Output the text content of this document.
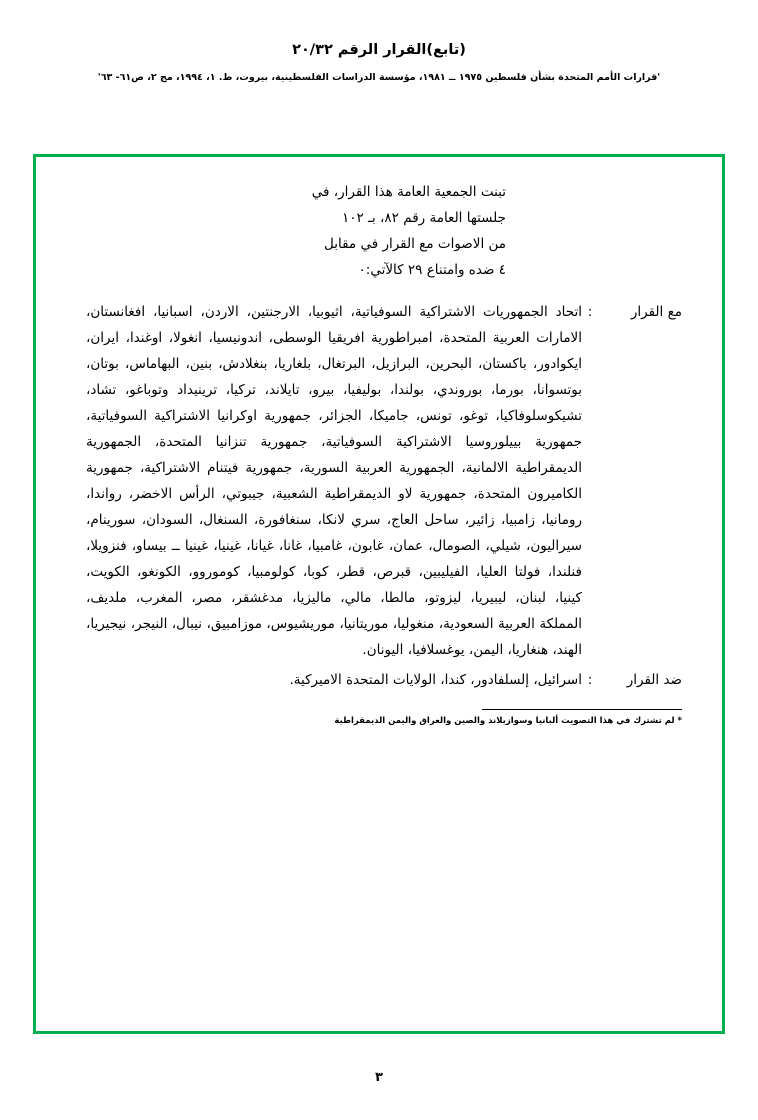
(تابع)القرار الرقم ٢٠/٣٢
'قرارات الأمم المتحدة بشأن فلسطين ١٩٧٥ ــ ١٩٨١، مؤسسة الدراسات الفلسطينية، بيروت، ط. ١، ١٩٩٤، مج ٢، ص٦١- ٦٣'
تبنت الجمعية العامة هذا القرار، في
جلستها العامة رقم ٨٢، بـ ١٠٢
من الاصوات مع القرار في مقابل
٤ ضده وامتناع ٢٩ كالآتي:٠
مع القرار
:
اتحاد الجمهوريات الاشتراكية السوفياتية، اثيوبيا، الارجنتين، الاردن، اسبانيا، افغانستان، الامارات العربية المتحدة، امبراطورية افريقيا الوسطى، اندونيسيا، انغولا، اوغندا، ايران، ايكوادور، باكستان، البحرين، البرازيل، البرتغال، بلغاريا، بنغلادش، بنين، البهاماس، بوتان، بوتسوانا، بورما، بوروندي، بولندا، بوليفيا، بيرو، تايلاند، تركيا، ترينيداد وتوباغو، تشاد، تشيكوسلوفاكيا، توغو، تونس، جاميكا، الجزائر، جمهورية اوكرانيا الاشتراكية السوفياتية، جمهورية بييلوروسيا الاشتراكية السوفياتية، جمهورية تنزانيا المتحدة، الجمهورية الديمقراطية الالمانية، الجمهورية العربية السورية، جمهورية فيتنام الاشتراكية، جمهورية الكاميرون المتحدة، جمهورية لاو الديمقراطية الشعبية، جيبوتي، الرأس الاخضر، رواندا، رومانيا، زامبيا، زائير، ساحل العاج، سري لانكا، سنغافورة، السنغال، السودان، سورينام، سيراليون، شيلي، الصومال، عمان، غابون، غامبيا، غانا، غيانا، غينيا، غينيا ــ بيساو، فنزويلا، فنلندا، فولتا العليا، الفيليبين، قبرص، قطر، كوبا، كولومبيا، كوموروو، الكونغو، الكويت، كينيا، لبنان، ليبيريا، ليزوتو، مالطا، مالي، ماليزيا، مدغشقر، مصر، المغرب، ملديف، المملكة العربية السعودية، منغوليا، موريتانيا، موريشيوس، موزامبيق، نيبال، النيجر، نيجيريا، الهند، هنغاريا، اليمن، يوغسلافيا، اليونان.
ضد القرار
:
اسرائيل، إلسلفادور، كندا، الولايات المتحدة الاميركية.
* لم تشترك في هذا التصويت ألبانيا وسوازيلاند والصين والعراق واليمن الديمقراطية
٣
